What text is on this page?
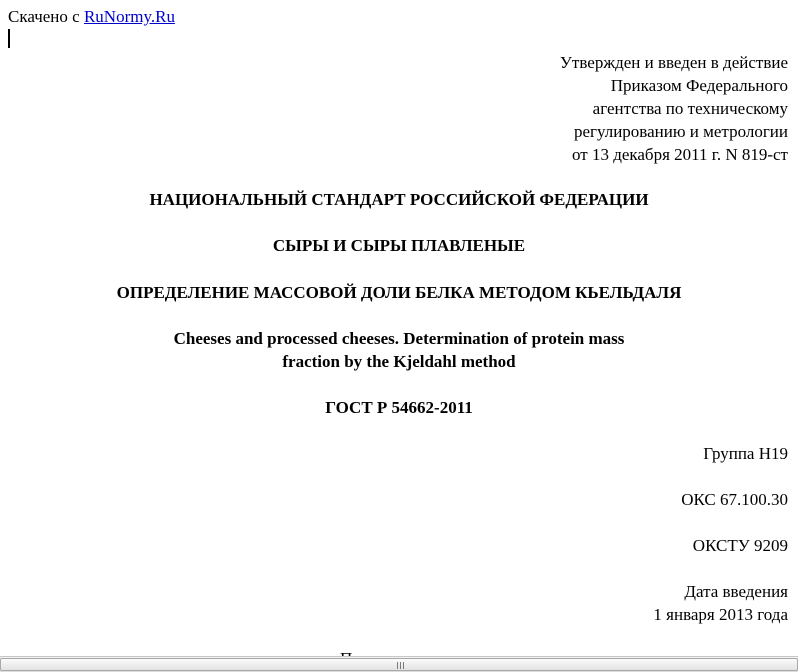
Скачено с RuNormy.Ru
Утвержден и введен в действие
Приказом Федерального
агентства по техническому
регулированию и метрологии
от 13 декабря 2011 г. N 819-ст
НАЦИОНАЛЬНЫЙ СТАНДАРТ РОССИЙСКОЙ ФЕДЕРАЦИИ
СЫРЫ И СЫРЫ ПЛАВЛЕНЫЕ
ОПРЕДЕЛЕНИЕ МАССОВОЙ ДОЛИ БЕЛКА МЕТОДОМ КЬЕЛЬДАЛЯ
Cheeses and processed cheeses. Determination of protein mass
fraction by the Kjeldahl method
ГОСТ Р 54662-2011
Группа Н19
ОКС 67.100.30
ОКСТУ 9209
Дата введения
1 января 2013 года
